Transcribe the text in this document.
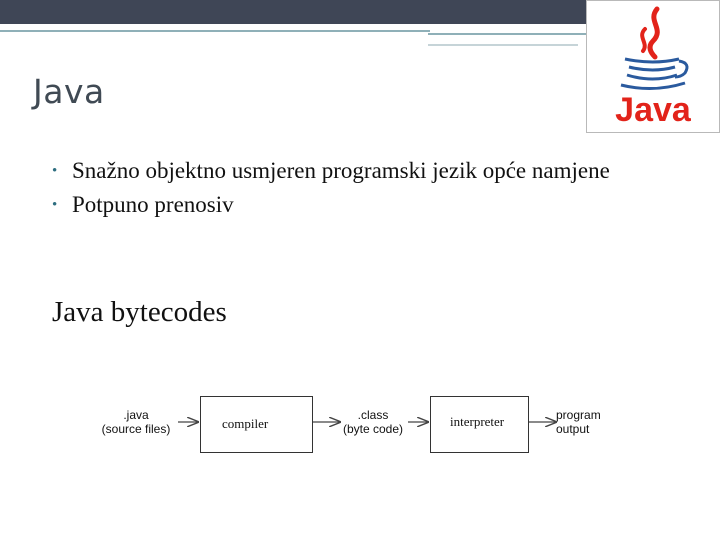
Java	Java
• Snažno objektno usmjeren programski jezik opće namjene
• Potpuno prenosiv
Java bytecodes
.java
(source files)	compiler
.class
(byte code)	interpreter	program
output
